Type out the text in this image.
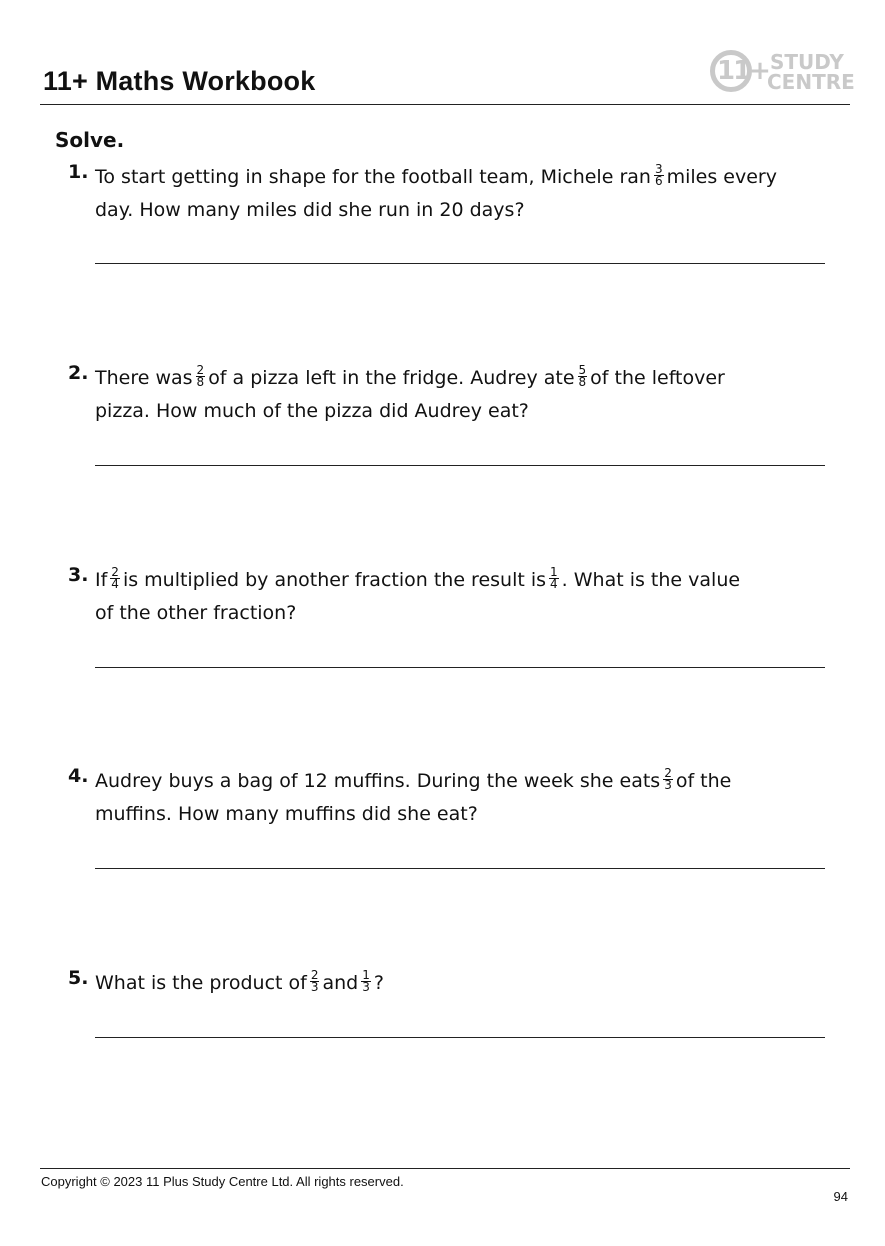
11+ Maths Workbook	11+ STUDY
CENTRE
Solve.
1. To start getting in shape for the football team, Michele ran $\frac{3}{6}$ miles every
day. How many miles did she run in 20 days?
2. There was $\frac{2}{8}$ of a pizza left in the fridge. Audrey ate $\frac{5}{8}$ of the leftover
pizza. How much of the pizza did Audrey eat?
3. If $\frac{2}{4}$ is multiplied by another fraction the result is $\frac{1}{4}$ . What is the value
of the other fraction?
4. Audrey buys a bag of 12 muffins. During the week she eats $\frac{2}{3}$ of the
muffins. How many muffins did she eat?
5. What is the product of $\frac{2}{3}$ and $\frac{1}{3}$ ?
Copyright © 2023 11 Plus Study Centre Ltd. All rights reserved.
94
